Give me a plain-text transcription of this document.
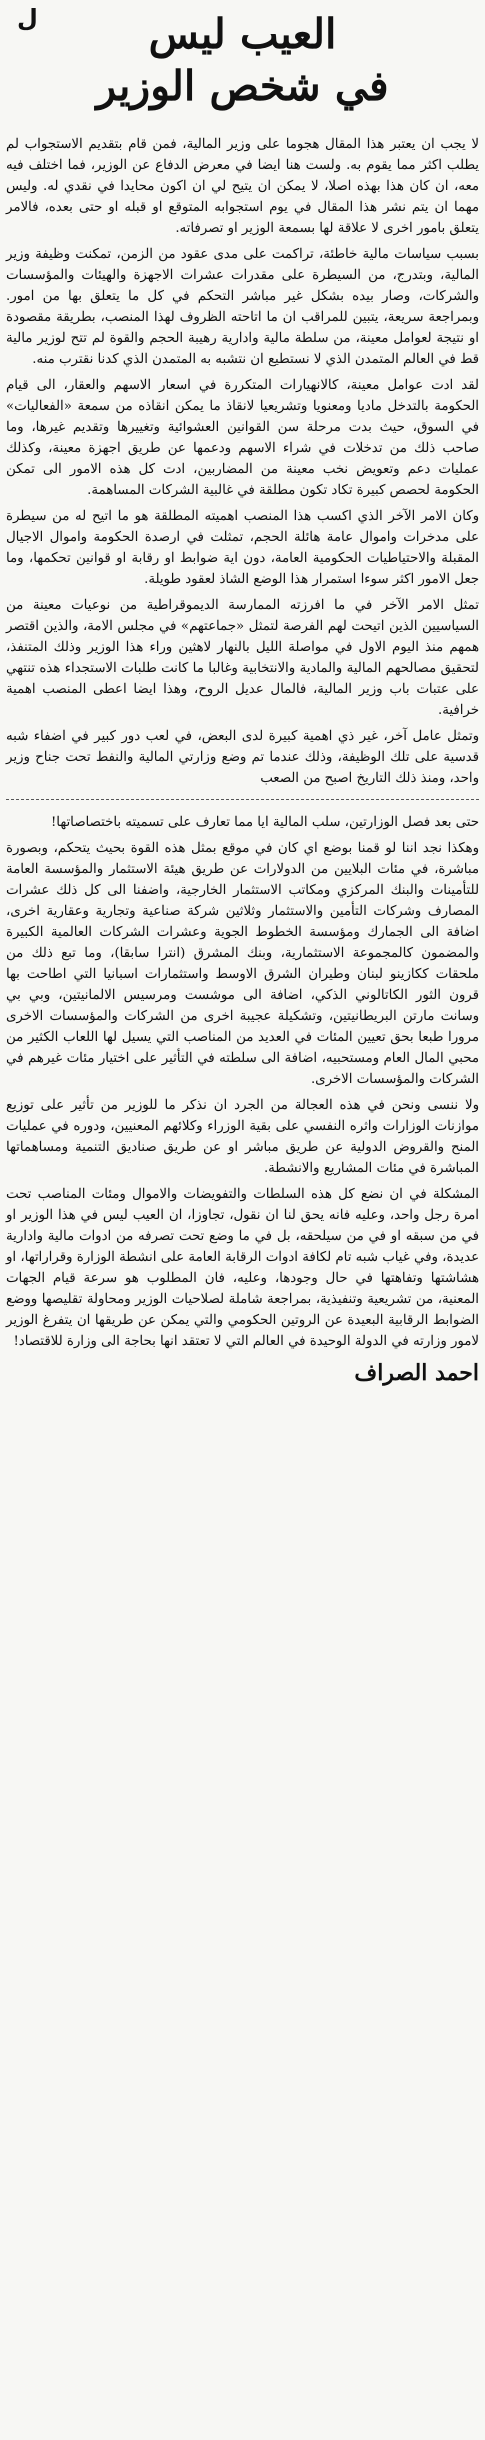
ل	العيب ليس
في شخص الوزير

لا يجب ان يعتبر هذا المقال هجوما على وزير المالية، فمن قام بتقديم الاستجواب لم يطلب اكثر مما يقوم به. ولست هنا ايضا في معرض الدفاع عن الوزير، فما اختلف فيه معه، ان كان هذا بهذه اصلا، لا يمكن ان يتيح لي ان اكون محايدا في نقدي له. وليس مهما ان يتم نشر هذا المقال في يوم استجوابه المتوقع او قبله او حتى بعده، فالامر يتعلق بامور اخرى لا علاقة لها بسمعة الوزير او تصرفاته.

بسبب سياسات مالية خاطئة، تراكمت على مدى عقود من الزمن، تمكنت وظيفة وزير المالية، وبتدرج، من السيطرة على مقدرات عشرات الاجهزة والهيئات والمؤسسات والشركات، وصار بيده بشكل غير مباشر التحكم في كل ما يتعلق بها من امور. وبمراجعة سريعة، يتبين للمراقب ان ما اتاحته الظروف لهذا المنصب، بطريقة مقصودة او نتيجة لعوامل معينة، من سلطة مالية وادارية رهيبة الحجم والقوة لم تتح لوزير مالية قط في العالم المتمدن الذي لا نستطيع ان نتشبه به المتمدن الذي كدنا نقترب منه.

لقد ادت عوامل معينة، كالانهيارات المتكررة في اسعار الاسهم والعقار، الى قيام الحكومة بالتدخل ماديا ومعنويا وتشريعيا لانقاذ ما يمكن انقاذه من سمعة «الفعاليات» في السوق، حيث بدت مرحلة سن القوانين العشوائية وتغييرها وتقديم غيرها، وما صاحب ذلك من تدخلات في شراء الاسهم ودعمها عن طريق اجهزة معينة، وكذلك عمليات دعم وتعويض نخب معينة من المضاربين، ادت كل هذه الامور الى تمكن الحكومة لحصص كبيرة تكاد تكون مطلقة في غالبية الشركات المساهمة.

وكان الامر الآخر الذي اكسب هذا المنصب اهميته المطلقة هو ما اتيح له من سيطرة على مدخرات واموال عامة هائلة الحجم، تمثلت في ارصدة الحكومة واموال الاجيال المقبلة والاحتياطيات الحكومية العامة، دون اية ضوابط او رقابة او قوانين تحكمها، وما جعل الامور اكثر سوءا استمرار هذا الوضع الشاذ لعقود طويلة.

تمثل الامر الآخر في ما افرزته الممارسة الديموقراطية من نوعيات معينة من السياسيين الذين اتيحت لهم الفرصة لتمثل «جماعتهم» في مجلس الامة، والذين اقتصر همهم منذ اليوم الاول في مواصلة الليل بالنهار لاهثين وراء هذا الوزير وذلك المتنفذ، لتحقيق مصالحهم المالية والمادية والانتخابية وغالبا ما كانت طلبات الاستجداء هذه تنتهي على عتبات باب وزير المالية، فالمال عديل الروح، وهذا ايضا اعطى المنصب اهمية خرافية.

وتمثل عامل آخر، غير ذي اهمية كبيرة لدى البعض، في لعب دور كبير في اضفاء شبه قدسية على تلك الوظيفة، وذلك عندما تم وضع وزارتي المالية والنفط تحت جناح وزير واحد، ومنذ ذلك التاريخ اصبح من الصعب

حتى بعد فصل الوزارتين، سلب المالية ايا مما تعارف على تسميته باختصاصاتها!

وهكذا نجد اننا لو قمنا بوضع اي كان في موقع بمثل هذه القوة بحيث يتحكم، وبصورة مباشرة، في مئات البلايين من الدولارات عن طريق هيئة الاستثمار والمؤسسة العامة للتأمينات والبنك المركزي ومكاتب الاستثمار الخارجية، واضفنا الى كل ذلك عشرات المصارف وشركات التأمين والاستثمار وثلاثين شركة صناعية وتجارية وعقارية اخرى، اضافة الى الجمارك ومؤسسة الخطوط الجوية وعشرات الشركات العالمية الكبيرة والمضمون كالمجموعة الاستثمارية، وبنك المشرق (انترا سابقا)، وما تبع ذلك من ملحقات ككازينو لبنان وطيران الشرق الاوسط واستثمارات اسبانيا التي اطاحت بها قرون الثور الكاتالوني الذكي، اضافة الى موشست ومرسيس الالمانيتين، وبي بي وسانت مارتن البريطانيتين، وتشكيلة عجيبة اخرى من الشركات والمؤسسات الاخرى مرورا طبعا بحق تعيين المئات في العديد من المناصب التي يسيل لها اللعاب الكثير من محبي المال العام ومستحبيه، اضافة الى سلطته في التأثير على اختيار مئات غيرهم في الشركات والمؤسسات الاخرى.

ولا ننسى ونحن في هذه العجالة من الجرد ان نذكر ما للوزير من تأثير على توزيع موازنات الوزارات واثره النفسي على بقية الوزراء وكلائهم المعنيين، ودوره في عمليات المنح والقروض الدولية عن طريق مباشر او عن طريق صناديق التنمية ومساهماتها المباشرة في مئات المشاريع والانشطة.

المشكلة في ان نضع كل هذه السلطات والتفويضات والاموال ومئات المناصب تحت امرة رجل واحد، وعليه فانه يحق لنا ان نقول، تجاوزا، ان العيب ليس في هذا الوزير او في من سبقه او في من سيلحقه، بل في ما وضع تحت تصرفه من ادوات مالية وادارية عديدة، وفي غياب شبه تام لكافة ادوات الرقابة العامة على انشطة الوزارة وقراراتها، او هشاشتها وتفاهتها في حال وجودها، وعليه، فان المطلوب هو سرعة قيام الجهات المعنية، من تشريعية وتنفيذية، بمراجعة شاملة لصلاحيات الوزير ومحاولة تقليصها ووضع الضوابط الرقابية البعيدة عن الروتين الحكومي والتي يمكن عن طريقها ان يتفرغ الوزير لامور وزارته في الدولة الوحيدة في العالم التي لا تعتقد انها بحاجة الى وزارة للاقتصاد!

احمد الصراف
